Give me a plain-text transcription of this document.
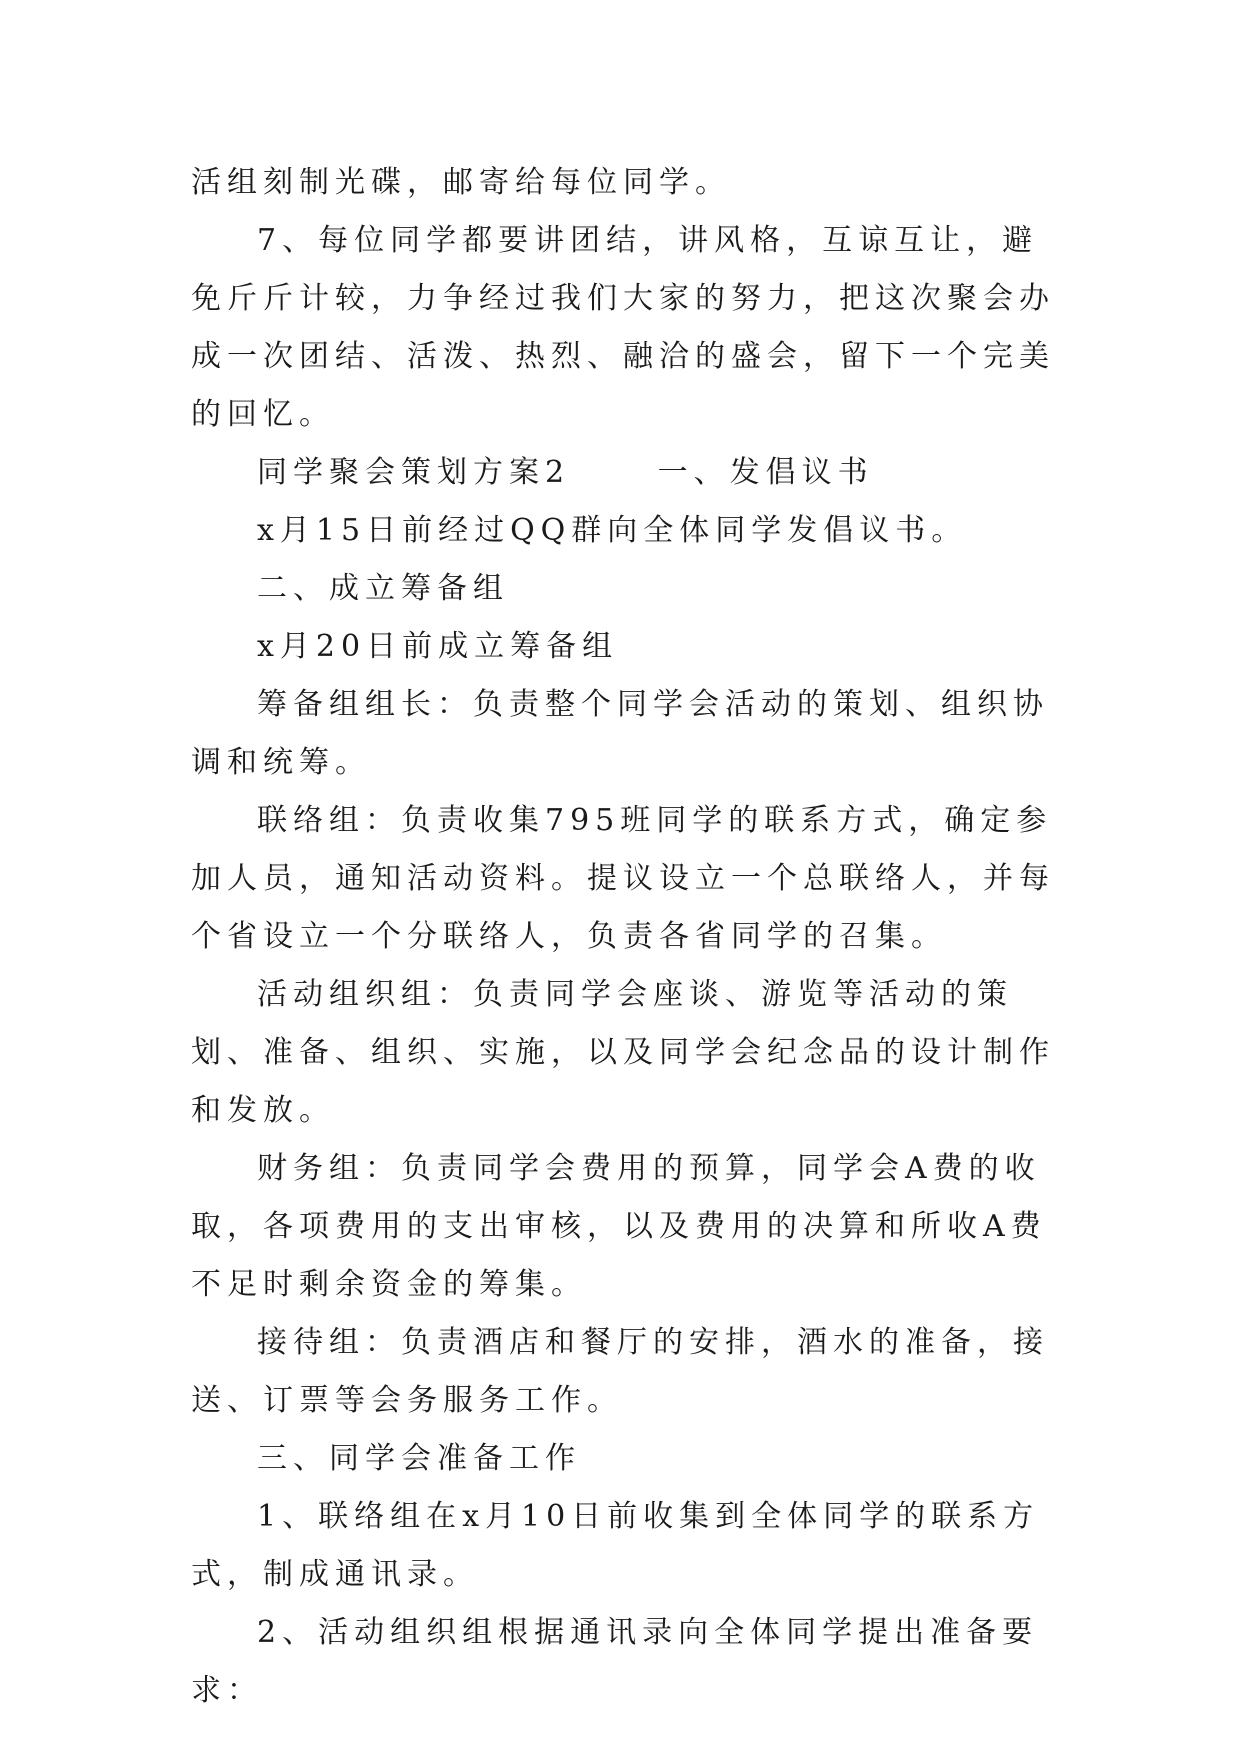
活组刻制光碟，邮寄给每位同学。

7、每位同学都要讲团结，讲风格，互谅互让，避免斤斤计较，力争经过我们大家的努力，把这次聚会办成一次团结、活泼、热烈、融洽的盛会，留下一个完美的回忆。

同学聚会策划方案2　　 一、发倡议书

x月15日前经过QQ群向全体同学发倡议书。

二、成立筹备组

x月20日前成立筹备组

筹备组组长：负责整个同学会活动的策划、组织协调和统筹。

联络组：负责收集795班同学的联系方式，确定参加人员，通知活动资料。提议设立一个总联络人，并每个省设立一个分联络人，负责各省同学的召集。

活动组织组：负责同学会座谈、游览等活动的策划、准备、组织、实施，以及同学会纪念品的设计制作和发放。

财务组：负责同学会费用的预算，同学会A费的收取，各项费用的支出审核，以及费用的决算和所收A费不足时剩余资金的筹集。

接待组：负责酒店和餐厅的安排，酒水的准备，接送、订票等会务服务工作。

三、同学会准备工作

1、联络组在x月10日前收集到全体同学的联系方式，制成通讯录。

2、活动组织组根据通讯录向全体同学提出准备要求：
